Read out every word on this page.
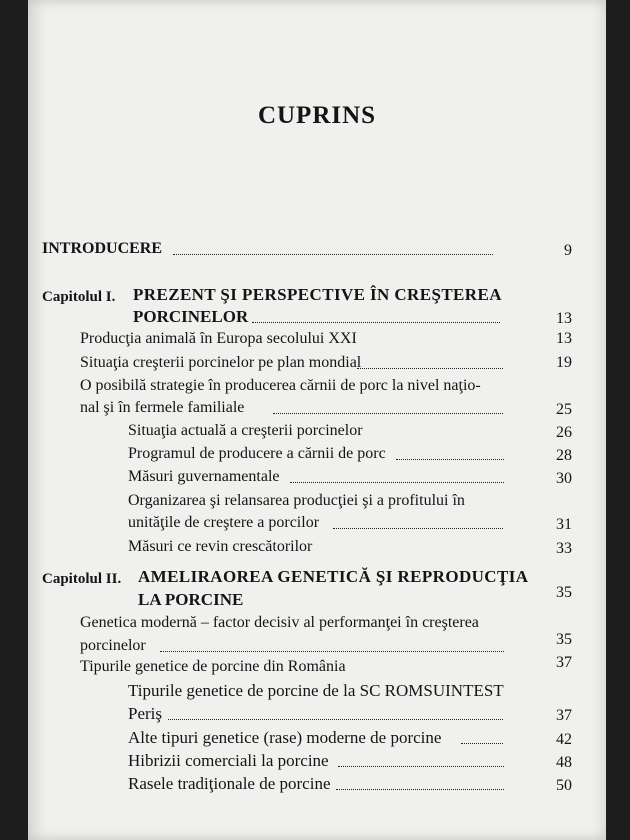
CUPRINS
INTRODUCERE	9
Capitolul I. PREZENT ŞI PERSPECTIVE ÎN CREŞTEREA
PORCINELOR	13
Producţia animală în Europa secolului XXI	13
Situaţia creşterii porcinelor pe plan mondial	19
O posibilă strategie în producerea cărnii de porc la nivel naţio-
nal şi în fermele familiale	25
Situaţia actuală a creşterii porcinelor	26
Programul de producere a cărnii de porc	28
Măsuri guvernamentale	30
Organizarea şi relansarea producţiei şi a profitului în
unităţile de creştere a porcilor	31
Măsuri ce revin crescătorilor	33
Capitolul II. AMELIRAOREA GENETICĂ ŞI REPRODUCŢIA
LA PORCINE	35
Genetica modernă – factor decisiv al performanţei în creşterea
porcinelor	35
Tipurile genetice de porcine din România	37
Tipurile genetice de porcine de la SC ROMSUINTEST
Periş	37
Alte tipuri genetice (rase) moderne de porcine	42
Hibrizii comerciali la porcine	48
Rasele tradiţionale de porcine	50
